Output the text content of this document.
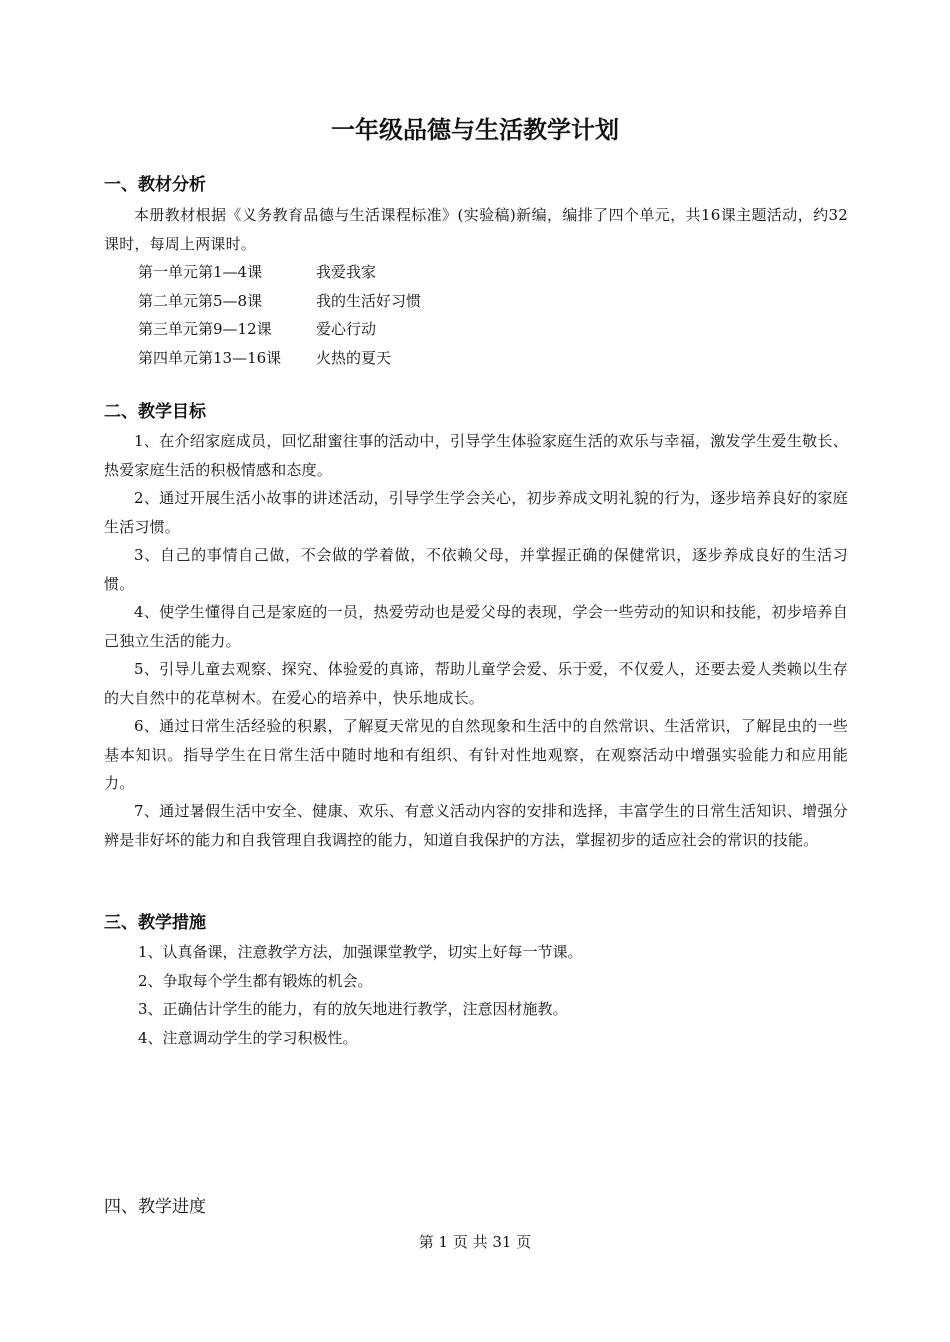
一年级品德与生活教学计划
一、教材分析

本册教材根据《义务教育品德与生活课程标准》(实验稿)新编，编排了四个单元，共16课主题活动，约32课时，每周上两课时。

第一单元第1—4课	我爱我家
第二单元第5—8课	我的生活好习惯
第三单元第9—12课	爱心行动
第四单元第13—16课	火热的夏天
二、教学目标

1、在介绍家庭成员，回忆甜蜜往事的活动中，引导学生体验家庭生活的欢乐与幸福，激发学生爱生敬长、热爱家庭生活的积极情感和态度。

2、通过开展生活小故事的讲述活动，引导学生学会关心，初步养成文明礼貌的行为，逐步培养良好的家庭生活习惯。

3、自己的事情自己做，不会做的学着做，不依赖父母，并掌握正确的保健常识，逐步养成良好的生活习惯。

4、使学生懂得自己是家庭的一员，热爱劳动也是爱父母的表现，学会一些劳动的知识和技能，初步培养自己独立生活的能力。

5、引导儿童去观察、探究、体验爱的真谛，帮助儿童学会爱、乐于爱，不仅爱人，还要去爱人类赖以生存的大自然中的花草树木。在爱心的培养中，快乐地成长。

6、通过日常生活经验的积累，了解夏天常见的自然现象和生活中的自然常识、生活常识，了解昆虫的一些基本知识。指导学生在日常生活中随时地和有组织、有针对性地观察，在观察活动中增强实验能力和应用能力。

7、通过暑假生活中安全、健康、欢乐、有意义活动内容的安排和选择，丰富学生的日常生活知识、增强分辨是非好坏的能力和自我管理自我调控的能力，知道自我保护的方法，掌握初步的适应社会的常识的技能。

三、教学措施
1、认真备课，注意教学方法，加强课堂教学，切实上好每一节课。
2、争取每个学生都有锻炼的机会。
3、正确估计学生的能力，有的放矢地进行教学，注意因材施教。
4、注意调动学生的学习积极性。
四、教学进度

第 1 页 共 31 页
